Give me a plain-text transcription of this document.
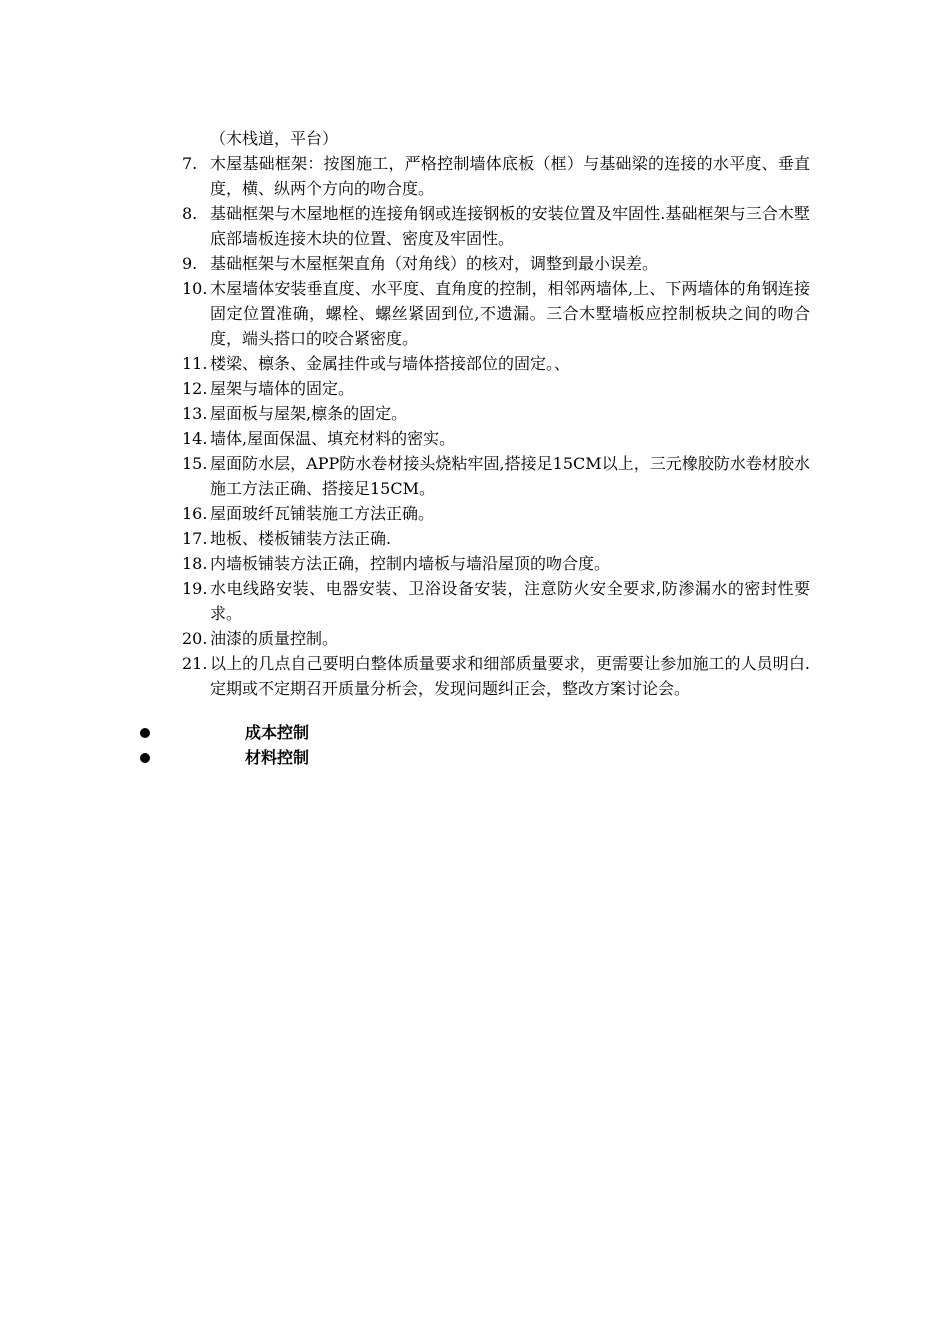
（木栈道，平台）
7. 木屋基础框架：按图施工，严格控制墙体底板（框）与基础梁的连接的水平度、垂直度，横、纵两个方向的吻合度。
8. 基础框架与木屋地框的连接角钢或连接钢板的安装位置及牢固性.基础框架与三合木墅底部墙板连接木块的位置、密度及牢固性。
9. 基础框架与木屋框架直角（对角线）的核对，调整到最小误差。
10. 木屋墙体安装垂直度、水平度、直角度的控制，相邻两墙体,上、下两墙体的角钢连接固定位置准确，螺栓、螺丝紧固到位,不遗漏。三合木墅墙板应控制板块之间的吻合度，端头搭口的咬合紧密度。
11. 楼梁、檩条、金属挂件或与墙体搭接部位的固定。、
12. 屋架与墙体的固定。
13. 屋面板与屋架,檩条的固定。
14. 墙体,屋面保温、填充材料的密实。
15. 屋面防水层，APP防水卷材接头烧粘牢固,搭接足15CM以上，三元橡胶防水卷材胶水施工方法正确、搭接足15CM。
16. 屋面玻纤瓦铺装施工方法正确。
17. 地板、楼板铺装方法正确.
18. 内墙板铺装方法正确，控制内墙板与墙沿屋顶的吻合度。
19. 水电线路安装、电器安装、卫浴设备安装，注意防火安全要求,防渗漏水的密封性要求。
20. 油漆的质量控制。
21. 以上的几点自己要明白整体质量要求和细部质量要求，更需要让参加施工的人员明白.定期或不定期召开质量分析会，发现问题纠正会，整改方案讨论会。
成本控制
材料控制
